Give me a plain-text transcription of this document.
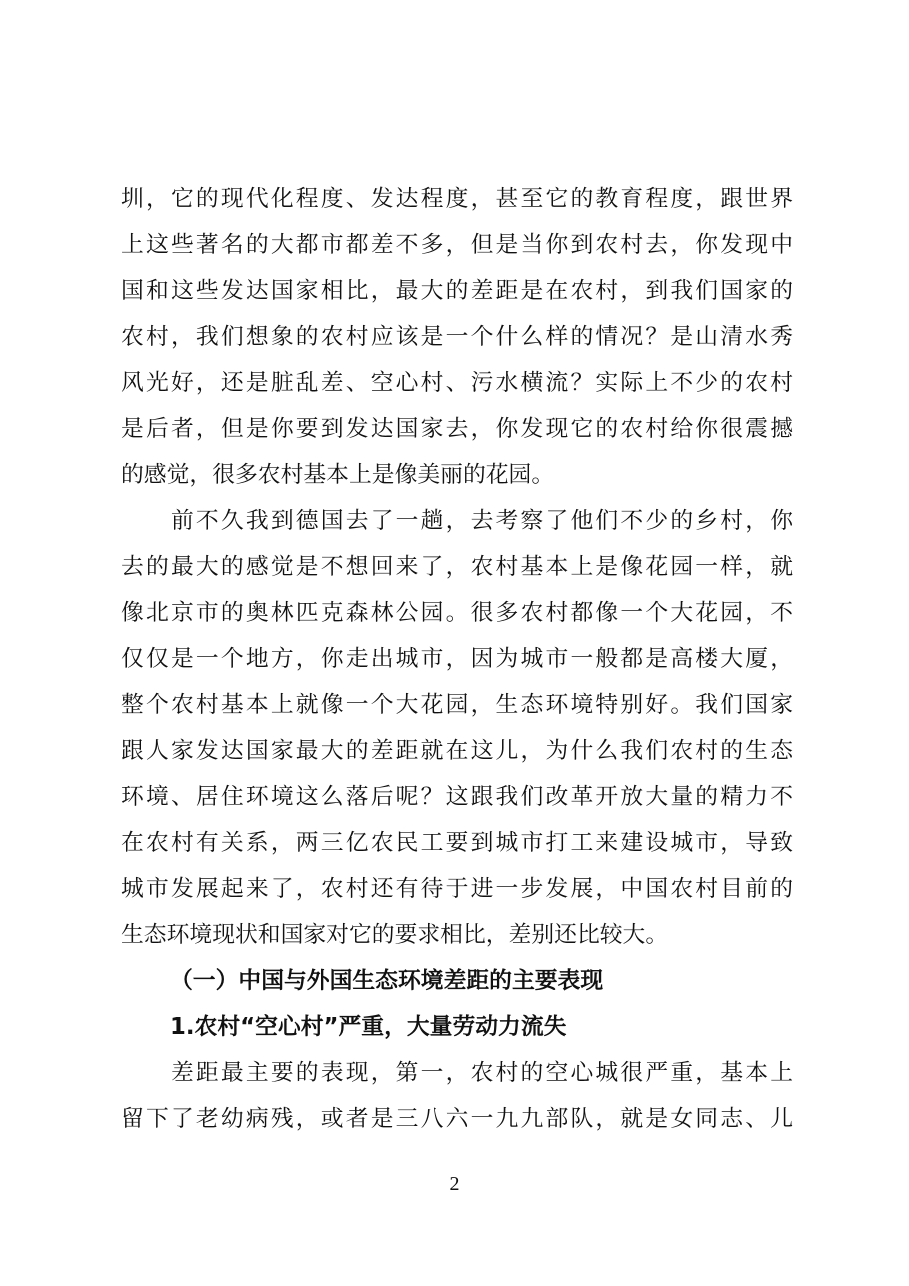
圳，它的现代化程度、发达程度，甚至它的教育程度，跟世界
上这些著名的大都市都差不多，但是当你到农村去，你发现中
国和这些发达国家相比，最大的差距是在农村，到我们国家的
农村，我们想象的农村应该是一个什么样的情况？是山清水秀
风光好，还是脏乱差、空心村、污水横流？实际上不少的农村
是后者，但是你要到发达国家去，你发现它的农村给你很震撼
的感觉，很多农村基本上是像美丽的花园。
　　前不久我到德国去了一趟，去考察了他们不少的乡村，你
去的最大的感觉是不想回来了，农村基本上是像花园一样，就
像北京市的奥林匹克森林公园。很多农村都像一个大花园，不
仅仅是一个地方，你走出城市，因为城市一般都是高楼大厦，
整个农村基本上就像一个大花园，生态环境特别好。我们国家
跟人家发达国家最大的差距就在这儿，为什么我们农村的生态
环境、居住环境这么落后呢？这跟我们改革开放大量的精力不
在农村有关系，两三亿农民工要到城市打工来建设城市，导致
城市发展起来了，农村还有待于进一步发展，中国农村目前的
生态环境现状和国家对它的要求相比，差别还比较大。
（一）中国与外国生态环境差距的主要表现
1.农村“空心村”严重，大量劳动力流失
　　差距最主要的表现，第一，农村的空心城很严重，基本上
留下了老幼病残，或者是三八六一九九部队，就是女同志、儿
2
